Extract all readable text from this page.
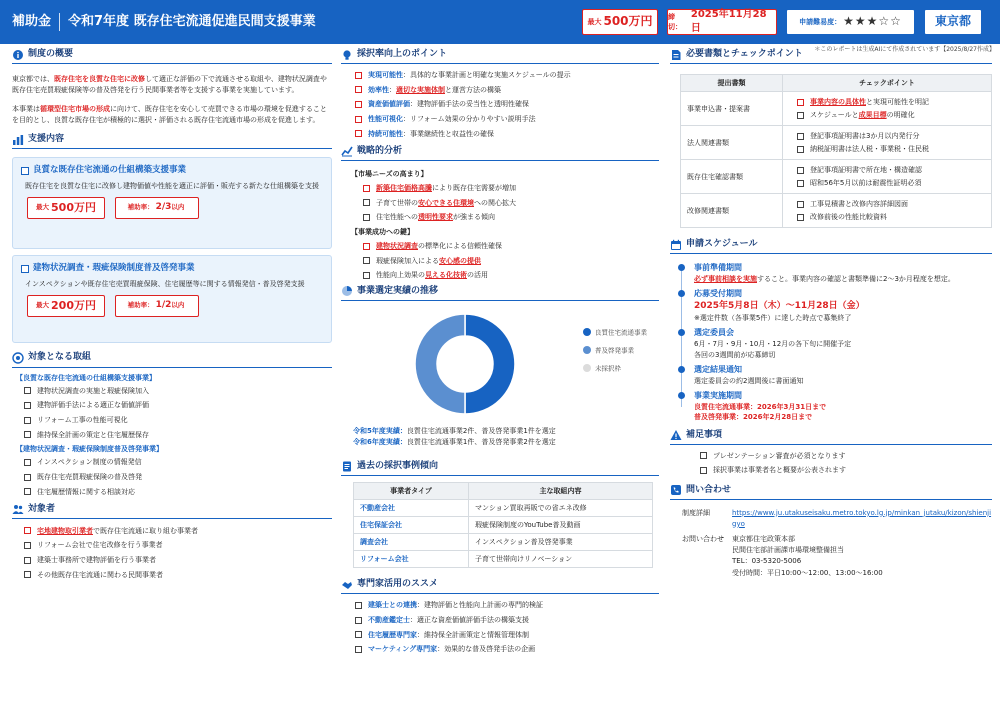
補助金 令和7年度 既存住宅流通促進民間支援事業	最大 500万円 締切：
2025年11月28日
申請難易度： ★★★☆☆	東京都
＊このレポートは生成AIにて作成されています【2025/8/27作成】
制度の概要
東京都では、既存住宅を良質な住宅に改修して適正な評価の下で流通させる取組や、建物状況調査や既存住宅売買瑕疵保険等の普及啓発を行う民間事業者等を支援する事業を実施しています。
本事業は循環型住宅市場の形成に向けて、既存住宅を安心して売買できる市場の環境を促進することを目的とし、良質な既存住宅が積極的に選択・評価される既存住宅流通市場の形成を促進します。
支援内容
良質な既存住宅流通の仕組構築支援事業
既存住宅を良質な住宅に改修し建物価値や性能を適正に評価・販売する新たな仕組構築を支援
最大 500万円	補助率： 2/3 以内
建物状況調査・瑕疵保険制度普及啓発事業
インスペクションや既存住宅売買瑕疵保険、住宅履歴等に関する情報発信・普及啓発支援
最大 200万円	補助率： 1/2 以内
対象となる取組
【良質な既存住宅流通の仕組構築支援事業】
建物状況調査の実施と瑕疵保険加入
建物評価手法による適正な価値評価
リフォーム工事の性能可視化
維持保全計画の策定と住宅履歴保存
【建物状況調査・瑕疵保険制度普及啓発事業】
インスペクション制度の情報発信
既存住宅売買瑕疵保険の普及啓発
住宅履歴情報に関する相談対応
対象者
宅地建物取引業者 で既存住宅流通に取り組む事業者
リフォーム会社で住宅改修を行う事業者
建築士事務所で建物評価を行う事業者
その他既存住宅流通に関わる民間事業者
採択率向上のポイント
実現可能性 ：具体的な事業計画と明確な実施スケジュールの提示
効率性 ： 適切な実施体制 と運営方法の構築
資産価値評価 ：建物評価手法の妥当性と透明性確保
性能可視化 ：リフォーム効果の分かりやすい説明手法
持続可能性 ：事業継続性と収益性の確保
戦略的分析
【市場ニーズの高まり】
新築住宅価格高騰 により既存住宅需要が増加
子育て世帯の 安心できる住環境 への関心拡大
住宅性能への 透明性要求 が強まる傾向
【事業成功への鍵】
建物状況調査 の標準化による信頼性確保
瑕疵保険加入による 安心感の提供
性能向上効果の 見える化技術 の活用
事業選定実績の推移
良質住宅流通事業
普及啓発事業
未採択枠
令和5年度実績：良質住宅流通事業2件、普及啓発事業1件を選定
令和6年度実績：良質住宅流通事業1件、普及啓発事業2件を選定
過去の採択事例傾向
事業者タイプ	主な取組内容
不動産会社	マンション買取再販での省エネ改修
住宅保証会社	瑕疵保険制度のYouTube普及動画
調査会社	インスペクション普及啓発事業
リフォーム会社	子育て世帯向けリノベーション
専門家活用のススメ
建築士との連携 ：建物評価と性能向上計画の専門的検証
不動産鑑定士 ：適正な資産価値評価手法の構築支援
住宅履歴専門家 ：維持保全計画策定と情報管理体制
マーケティング専門家 ：効果的な普及啓発手法の企画
必要書類とチェックポイント
提出書類	チェックポイント
事業申込書・提案書	事業内容の具体性 と実現可能性を明記
スケジュールと 成果目標 の明確化

法人関連書類	登記事項証明書は3か月以内発行分
納税証明書は法人税・事業税・住民税

既存住宅確認書類	登記事項証明書で所在地・構造確認
昭和56年5月以前は耐震性証明必須

改修関連書類	工事見積書と改修内容詳細図面
改修前後の性能比較資料
申請スケジュール
事前準備期間
必ず事前相談を実施すること。事業内容の確認と書類準備に2〜3か月程度を想定。
応募受付期間
2025年5月8日（木）〜11月28日（金）
※選定件数（各事業5件）に達した時点で募集終了
選定委員会
6月・7月・9月・10月・12月の各下旬に開催予定
各回の3週間前が応募締切
選定結果通知
選定委員会の約2週間後に書面通知
事業実施期間
良質住宅流通事業：2026年3月31日まで
普及啓発事業：2026年2月28日まで
補足事項
プレゼンテーション審査が必須となります
採択事業は事業者名と概要が公表されます
問い合わせ
制度詳細	https://www.ju.utakuseisaku.metro.tokyo.lg.jp/minkan_jutaku/kizon/shienjigyo
お問い合わせ	東京都住宅政策本部
民間住宅部計画課市場環境整備担当
TEL：03-5320-5006
受付時間：平日10:00〜12:00、13:00〜16:00
